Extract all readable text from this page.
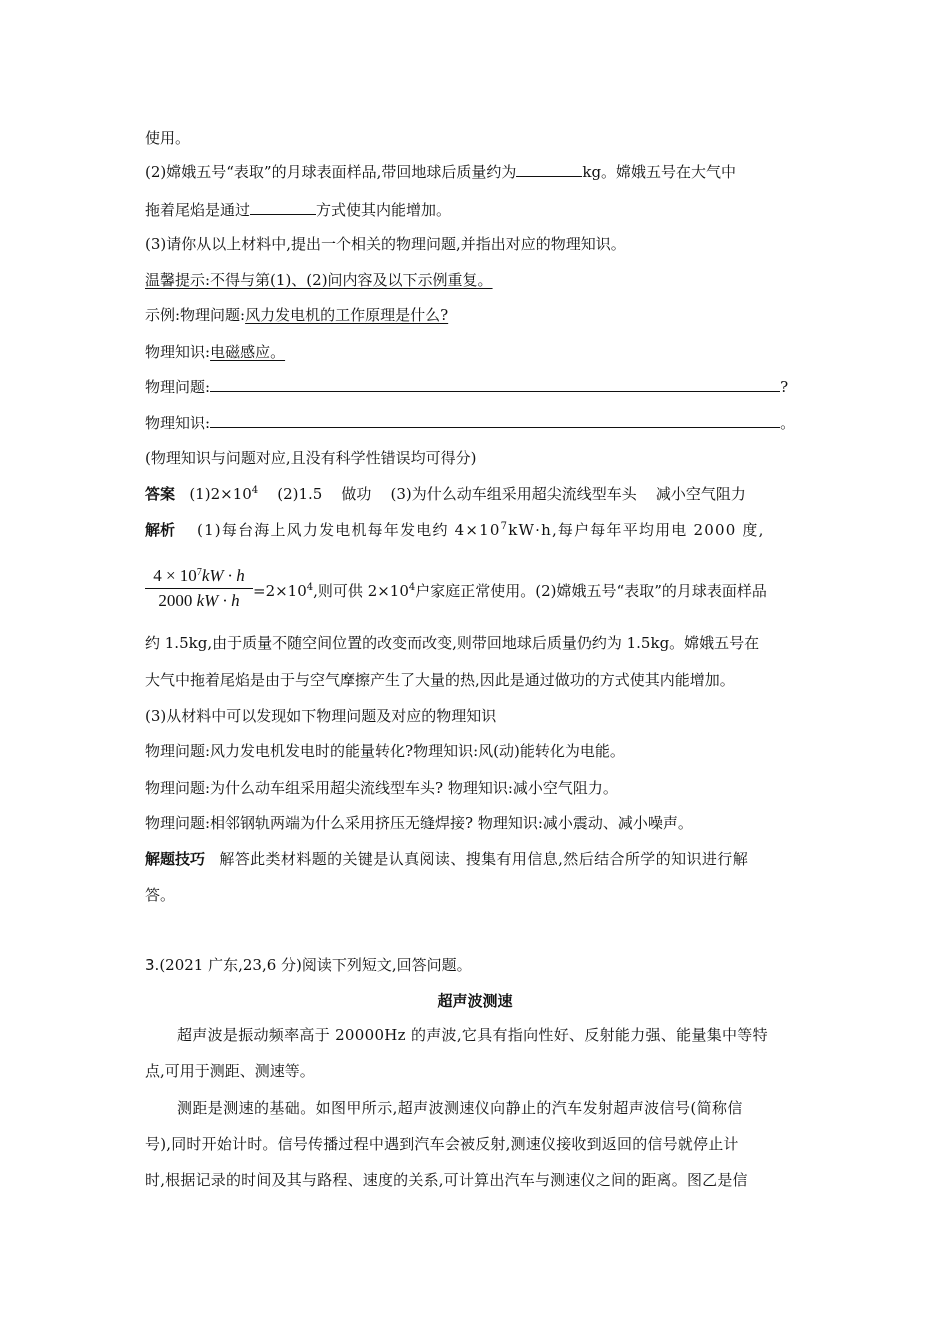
使用。
(2)嫦娥五号“表取”的月球表面样品,带回地球后质量约为	kg。嫦娥五号在大气中
拖着尾焰是通过	方式使其内能增加。
(3)请你从以上材料中,提出一个相关的物理问题,并指出对应的物理知识。
温馨提示:不得与第(1)、(2)问内容及以下示例重复。
示例:物理问题:风力发电机的工作原理是什么?
物理知识:电磁感应。
物理问题:	?
物理知识:	。
(物理知识与问题对应,且没有科学性错误均可得分)
答案 $(1)2\times 10^4$ (2)1.5 做功 (3)为什么动车组采用超尖流线型车头 减小空气阻力
解析 (1)每台海上风力发电机每年发电约 $4\times 10^7kW\cdot h$,每户每年平均用电 2000 度,
$4 \times 10^7kW \cdot h$
2000 kW · $h =2\times 10^4$,则可供 $2\times 10^4$户家庭正常使用。(2)嫦娥五号“表取”的月球表面样品
约 1.5kg,由于质量不随空间位置的改变而改变,则带回地球后质量仍约为 1.5kg。嫦娥五号在
大气中拖着尾焰是由于与空气摩擦产生了大量的热,因此是通过做功的方式使其内能增加。
(3)从材料中可以发现如下物理问题及对应的物理知识
物理问题:风力发电机发电时的能量转化?物理知识:风(动)能转化为电能。
物理问题:为什么动车组采用超尖流线型车头? 物理知识:减小空气阻力。
物理问题:相邻钢轨两端为什么采用挤压无缝焊接? 物理知识:减小震动、减小噪声。
解题技巧 解答此类材料题的关键是认真阅读、搜集有用信息,然后结合所学的知识进行解
答。
3.(2021 广东,23,6 分)阅读下列短文,回答问题。
超声波测速
超声波是振动频率高于 20000Hz 的声波,它具有指向性好、反射能力强、能量集中等特
点,可用于测距、测速等。
测距是测速的基础。如图甲所示,超声波测速仪向静止的汽车发射超声波信号(简称信
号),同时开始计时。信号传播过程中遇到汽车会被反射,测速仪接收到返回的信号就停止计
时,根据记录的时间及其与路程、速度的关系,可计算出汽车与测速仪之间的距离。图乙是信
